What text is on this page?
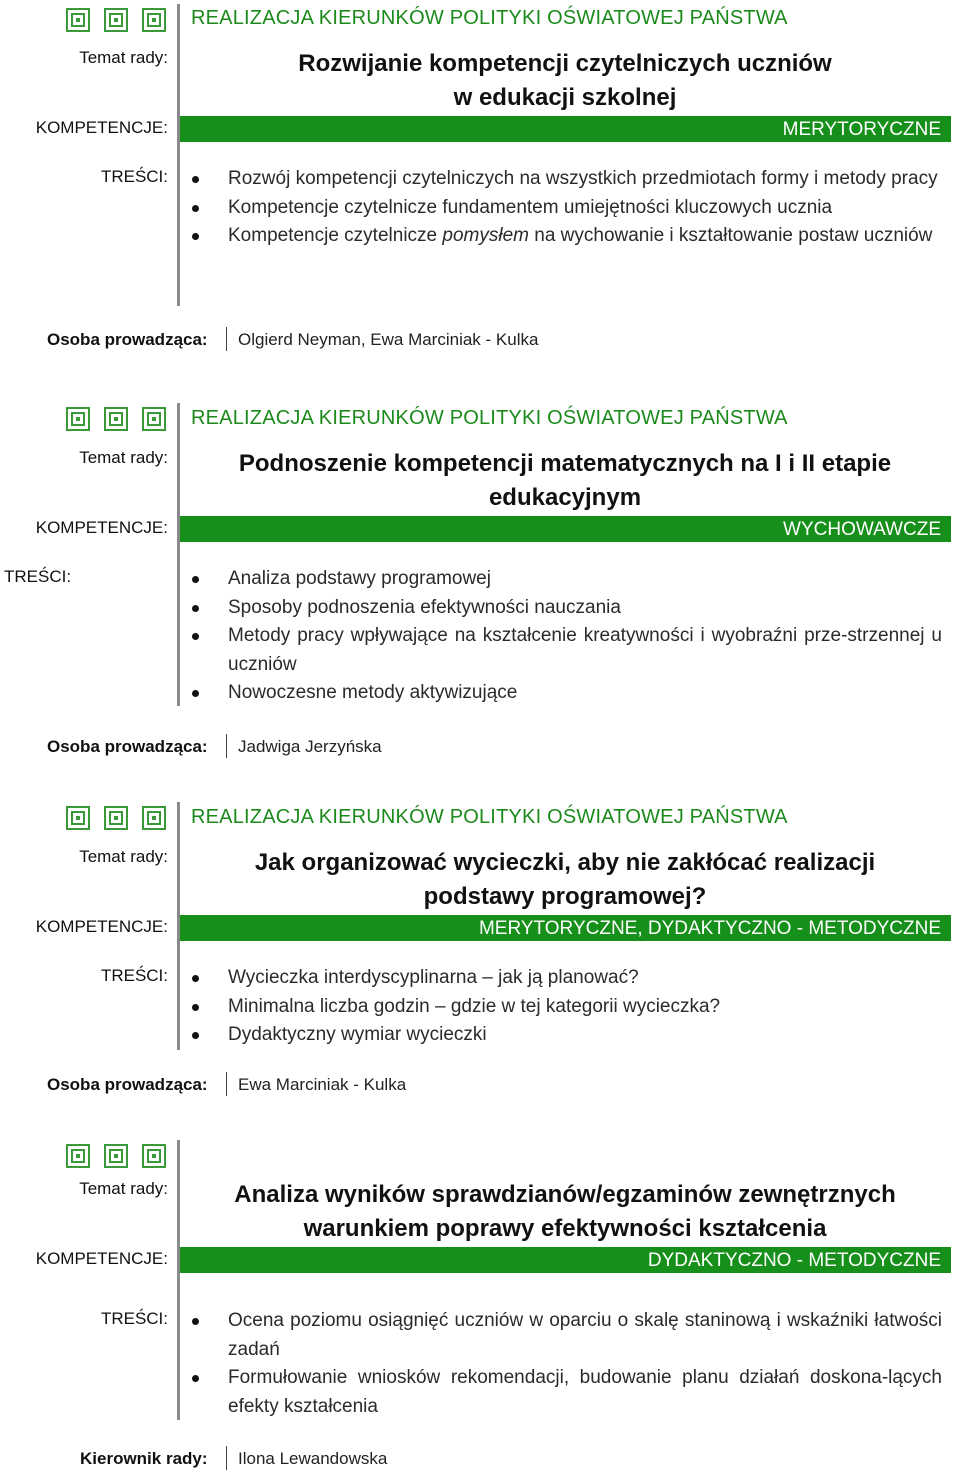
REALIZACJA KIERUNKÓW POLITYKI OŚWIATOWEJ PAŃSTWA
Temat rady:	Rozwijanie kompetencji czytelniczych uczniów
w edukacji szkolnej
KOMPETENCJE:	MERYTORYCZNE
TREŚCI:	Rozwój kompetencji czytelniczych na wszystkich przedmiotach formy i metody pracy
Kompetencje czytelnicze fundamentem umiejętności kluczowych ucznia
Kompetencje czytelnicze pomysłem na wychowanie i kształtowanie postaw uczniów
Osoba prowadząca: Olgierd Neyman, Ewa Marciniak - Kulka
REALIZACJA KIERUNKÓW POLITYKI OŚWIATOWEJ PAŃSTWA
Temat rady:	Podnoszenie kompetencji matematycznych na I i II etapie
edukacyjnym
KOMPETENCJE:	WYCHOWAWCZE
TREŚCI:	Analiza podstawy programowej
Sposoby podnoszenia efektywności nauczania
Metody pracy wpływające na kształcenie kreatywności i wyobraźni prze-strzennej u uczniów
Nowoczesne metody aktywizujące
Osoba prowadząca: Jadwiga Jerzyńska
REALIZACJA KIERUNKÓW POLITYKI OŚWIATOWEJ PAŃSTWA
Temat rady:	Jak organizować wycieczki, aby nie zakłócać realizacji
podstawy programowej?
KOMPETENCJE:	MERYTORYCZNE, DYDAKTYCZNO - METODYCZNE
TREŚCI:	Wycieczka interdyscyplinarna – jak ją planować?
Minimalna liczba godzin – gdzie w tej kategorii wycieczka?
Dydaktyczny wymiar wycieczki
Osoba prowadząca: Ewa Marciniak - Kulka
Temat rady:	Analiza wyników sprawdzianów/egzaminów zewnętrznych
warunkiem poprawy efektywności kształcenia
KOMPETENCJE:	DYDAKTYCZNO - METODYCZNE
TREŚCI:	Ocena poziomu osiągnięć uczniów w oparciu o skalę staninową i wskaźniki łatwości zadań
Formułowanie wniosków rekomendacji, budowanie planu działań doskona-lących efekty kształcenia
Kierownik rady: Ilona Lewandowska
